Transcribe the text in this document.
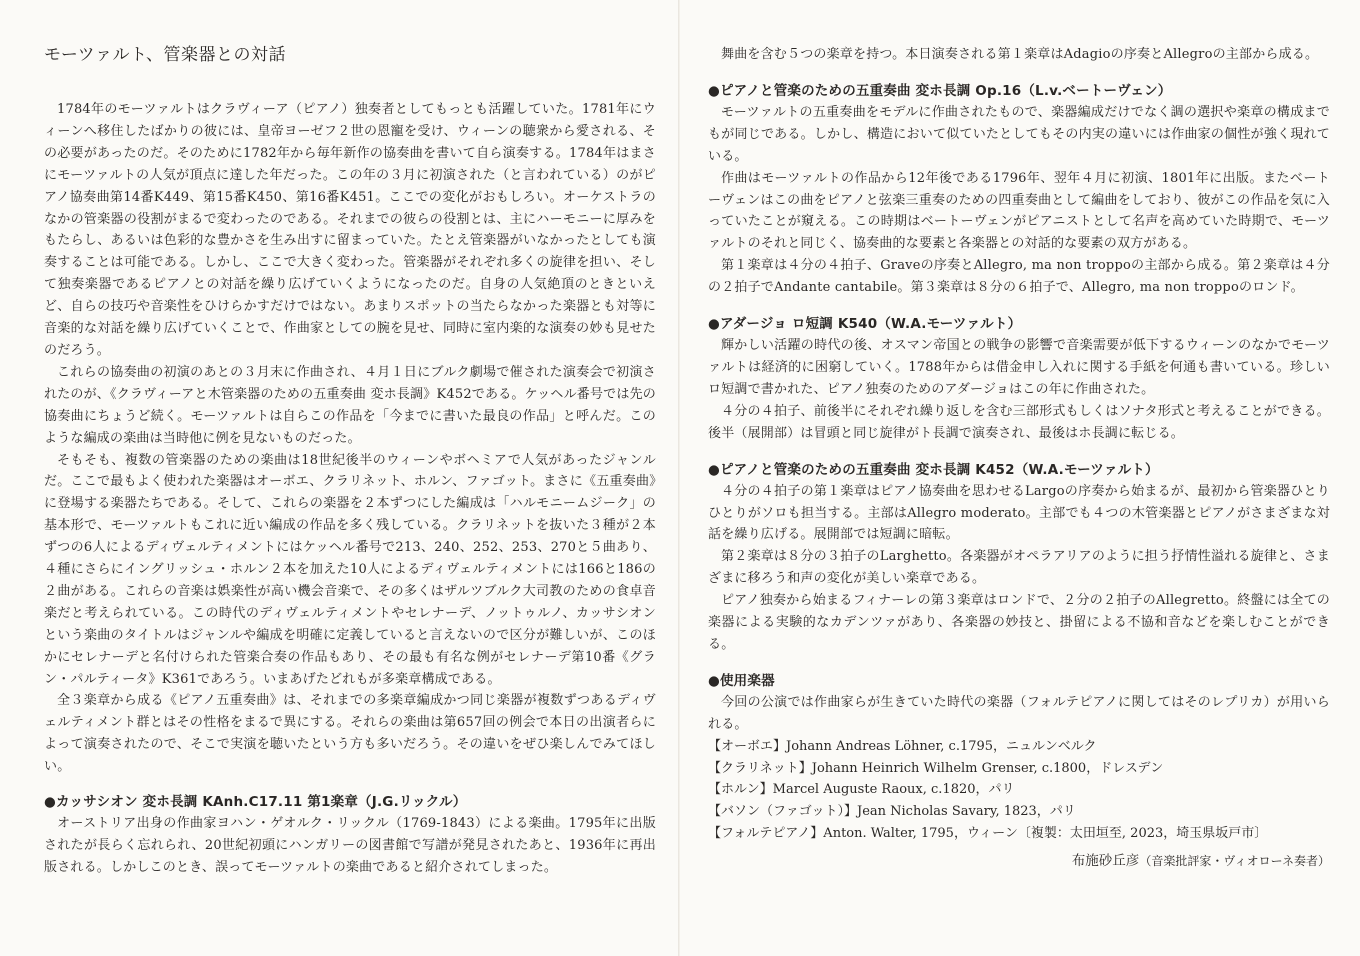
モーツァルト、管楽器との対話

1784年のモーツァルトはクラヴィーア（ピアノ）独奏者としてもっとも活躍していた。1781年にウィーンへ移住したばかりの彼には、皇帝ヨーゼフ２世の恩寵を受け、ウィーンの聴衆から愛される、その必要があったのだ。そのために1782年から毎年新作の協奏曲を書いて自ら演奏する。1784年はまさにモーツァルトの人気が頂点に達した年だった。この年の３月に初演された（と言われている）のがピアノ協奏曲第14番K449、第15番K450、第16番K451。ここでの変化がおもしろい。オーケストラのなかの管楽器の役割がまるで変わったのである。それまでの彼らの役割とは、主にハーモニーに厚みをもたらし、あるいは色彩的な豊かさを生み出すに留まっていた。たとえ管楽器がいなかったとしても演奏することは可能である。しかし、ここで大きく変わった。管楽器がそれぞれ多くの旋律を担い、そして独奏楽器であるピアノとの対話を繰り広げていくようになったのだ。自身の人気絶頂のときといえど、自らの技巧や音楽性をひけらかすだけではない。あまりスポットの当たらなかった楽器とも対等に音楽的な対話を繰り広げていくことで、作曲家としての腕を見せ、同時に室内楽的な演奏の妙も見せたのだろう。

これらの協奏曲の初演のあとの３月末に作曲され、４月１日にブルク劇場で催された演奏会で初演されたのが、《クラヴィーアと木管楽器のための五重奏曲 変ホ長調》K452である。ケッヘル番号では先の協奏曲にちょうど続く。モーツァルトは自らこの作品を「今までに書いた最良の作品」と呼んだ。このような編成の楽曲は当時他に例を見ないものだった。

そもそも、複数の管楽器のための楽曲は18世紀後半のウィーンやボヘミアで人気があったジャンルだ。ここで最もよく使われた楽器はオーボエ、クラリネット、ホルン、ファゴット。まさに《五重奏曲》に登場する楽器たちである。そして、これらの楽器を２本ずつにした編成は「ハルモニームジーク」の基本形で、モーツァルトもこれに近い編成の作品を多く残している。クラリネットを抜いた３種が２本ずつの6人によるディヴェルティメントにはケッヘル番号で213、240、252、253、270と５曲あり、４種にさらにイングリッシュ・ホルン２本を加えた10人によるディヴェルティメントには166と186の２曲がある。これらの音楽は娯楽性が高い機会音楽で、その多くはザルツブルク大司教のための食卓音楽だと考えられている。この時代のディヴェルティメントやセレナーデ、ノットゥルノ、カッサシオンという楽曲のタイトルはジャンルや編成を明確に定義していると言えないので区分が難しいが、このほかにセレナーデと名付けられた管楽合奏の作品もあり、その最も有名な例がセレナーデ第10番《グラン・パルティータ》K361であろう。いまあげたどれもが多楽章構成である。

全３楽章から成る《ピアノ五重奏曲》は、それまでの多楽章編成かつ同じ楽器が複数ずつあるディヴェルティメント群とはその性格をまるで異にする。それらの楽曲は第657回の例会で本日の出演者らによって演奏されたので、そこで実演を聴いたという方も多いだろう。その違いをぜひ楽しんでみてほしい。

●カッサシオン 変ホ長調 KAnh.C17.11 第1楽章（J.G.リックル）

オーストリア出身の作曲家ヨハン・ゲオルク・リックル（1769-1843）による楽曲。1795年に出版されたが長らく忘れられ、20世紀初頭にハンガリーの図書館で写譜が発見されたあと、1936年に再出版される。しかしこのとき、誤ってモーツァルトの楽曲であると紹介されてしまった。

舞曲を含む５つの楽章を持つ。本日演奏される第１楽章はAdagioの序奏とAllegroの主部から成る。

●ピアノと管楽のための五重奏曲 変ホ長調 Op.16（L.v.ベートーヴェン）

モーツァルトの五重奏曲をモデルに作曲されたもので、楽器編成だけでなく調の選択や楽章の構成までもが同じである。しかし、構造において似ていたとしてもその内実の違いには作曲家の個性が強く現れている。

作曲はモーツァルトの作品から12年後である1796年、翌年４月に初演、1801年に出版。またベートーヴェンはこの曲をピアノと弦楽三重奏のための四重奏曲として編曲をしており、彼がこの作品を気に入っていたことが窺える。この時期はベートーヴェンがピアニストとして名声を高めていた時期で、モーツァルトのそれと同じく、協奏曲的な要素と各楽器との対話的な要素の双方がある。

第１楽章は４分の４拍子、Graveの序奏とAllegro, ma non troppoの主部から成る。第２楽章は４分の２拍子でAndante cantabile。第３楽章は８分の６拍子で、Allegro, ma non troppoのロンド。

●アダージョ ロ短調 K540（W.A.モーツァルト）

輝かしい活躍の時代の後、オスマン帝国との戦争の影響で音楽需要が低下するウィーンのなかでモーツァルトは経済的に困窮していく。1788年からは借金申し入れに関する手紙を何通も書いている。珍しいロ短調で書かれた、ピアノ独奏のためのアダージョはこの年に作曲された。

４分の４拍子、前後半にそれぞれ繰り返しを含む三部形式もしくはソナタ形式と考えることができる。後半（展開部）は冒頭と同じ旋律がト長調で演奏され、最後はホ長調に転じる。

●ピアノと管楽のための五重奏曲 変ホ長調 K452（W.A.モーツァルト）

４分の４拍子の第１楽章はピアノ協奏曲を思わせるLargoの序奏から始まるが、最初から管楽器ひとりひとりがソロも担当する。主部はAllegro moderato。主部でも４つの木管楽器とピアノがさまざまな対話を繰り広げる。展開部では短調に暗転。

第２楽章は８分の３拍子のLarghetto。各楽器がオペラアリアのように担う抒情性溢れる旋律と、さまざまに移ろう和声の変化が美しい楽章である。

ピアノ独奏から始まるフィナーレの第３楽章はロンドで、２分の２拍子のAllegretto。終盤には全ての楽器による実験的なカデンツァがあり、各楽器の妙技と、掛留による不協和音などを楽しむことができる。

●使用楽器

今回の公演では作曲家らが生きていた時代の楽器（フォルテピアノに関してはそのレプリカ）が用いられる。

【オーボエ】Johann Andreas Löhner, c.1795，ニュルンベルク
【クラリネット】Johann Heinrich Wilhelm Grenser, c.1800，ドレスデン
【ホルン】Marcel Auguste Raoux, c.1820，パリ
【バソン（ファゴット）】Jean Nicholas Savary, 1823，パリ
【フォルテピアノ】Anton. Walter, 1795，ウィーン〔複製：太田垣至, 2023，埼玉県坂戸市〕
布施砂丘彦（音楽批評家・ヴィオローネ奏者）
